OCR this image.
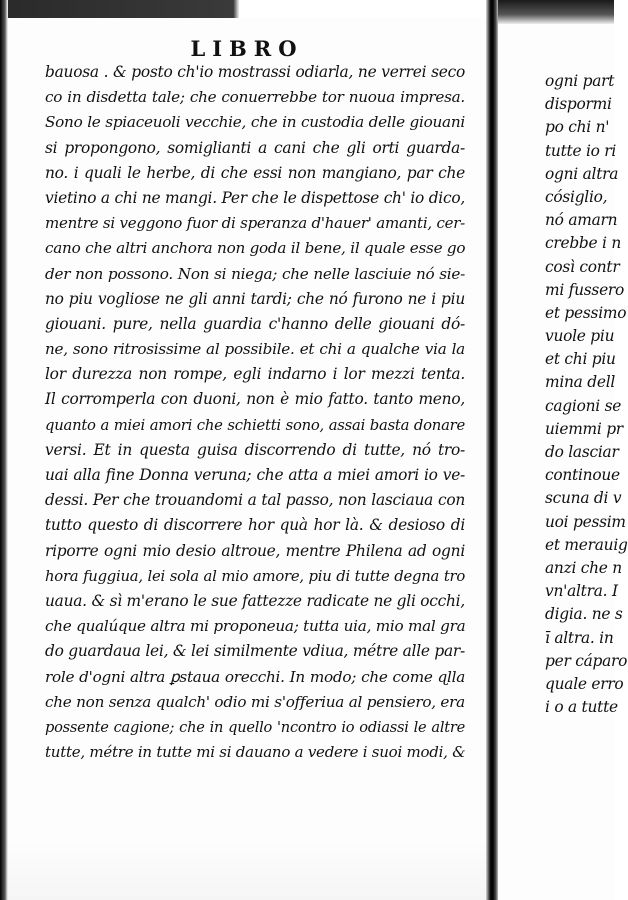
LIBRO
bauosa . & posto ch'io mostrassi odiarla, ne verrei seco
co in disdetta tale; che conuerrebbe tor nuoua impresa.
Sono le spiaceuoli vecchie, che in custodia delle giouani
si propongono, somiglianti a cani che gli orti guarda-
no. i quali le herbe, di che essi non mangiano, par che
vietino a chi ne mangi. Per che le dispettose ch' io dico,
mentre si veggono fuor di speranza d'hauer' amanti, cer-
cano che altri anchora non goda il bene, il quale esse go
der non possono. Non si niega; che nelle lasciuie nó sie-
no piu vogliose ne gli anni tardi; che nó furono ne i piu
giouani. pure, nella guardia c'hanno delle giouani dó-
ne, sono ritrosissime al possibile. et chi a qualche via la
lor durezza non rompe, egli indarno i lor mezzi tenta.
Il corromperla con duoni, non è mio fatto. tanto meno,
quanto a miei amori che schietti sono, assai basta donare
versi. Et in questa guisa discorrendo di tutte, nó tro-
uai alla fine Donna veruna; che atta a miei amori io ve-
dessi. Per che trouandomi a tal passo, non lasciaua con
tutto questo di discorrere hor quà hor là. & desioso di
riporre ogni mio desio altroue, mentre Philena ad ogni
hora fuggiua, lei sola al mio amore, piu di tutte degna tro
uaua. & sì m'erano le sue fattezze radicate ne gli occhi,
che qualúque altra mi proponeua; tutta uia, mio mal gra
do guardaua lei, & lei similmente vdiua, métre alle par-
role d'ogni altra ꝑstaua orecchi. In modo; che come ɋlla
che non senza qualch' odio mi s'offeriua al pensiero, era
possente cagione; che in quello 'ncontro io odiassi le altre
tutte, métre in tutte mi si dauano a vedere i suoi modi, &
ogni part
dispormi
po chi n'
tutte io ri
ogni altra
cósiglio,
nó amarn
crebbe i n
così contr
mi fussero
et pessimo
vuole piu
et chi piu
mina dell
cagioni se
uiemmi pr
do lasciar
continoue
scuna di v
uoi pessim
et merauig
anzi che n
vn'altra. I
digia. ne s
ī altra. in
per cáparo
quale erro
i o a tutte
